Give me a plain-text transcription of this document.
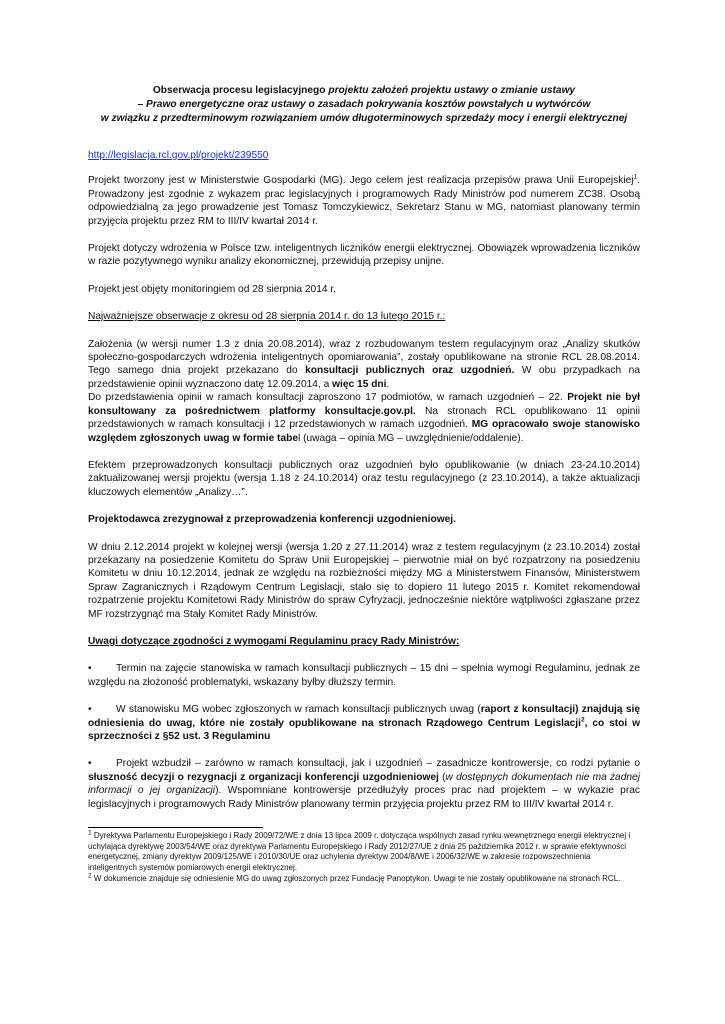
Obserwacja procesu legislacyjnego projektu założeń projektu ustawy o zmianie ustawy
– Prawo energetyczne oraz ustawy o zasadach pokrywania kosztów powstałych u wytwórców
w związku z przedterminowym rozwiązaniem umów długoterminowych sprzedaży mocy i energii elektrycznej
http://legislacja.rcl.gov.pl/projekt/239550

Projekt tworzony jest w Ministerstwie Gospodarki (MG). Jego celem jest realizacja przepisów prawa Unii Europejskiej$^1$. Prowadzony jest zgodnie z wykazem prac legislacyjnych i programowych Rady Ministrów pod numerem ZC38. Osobą odpowiedzialną za jego prowadzenie jest Tomasz Tomczykiewicz, Sekretarz Stanu w MG, natomiast planowany termin przyjęcia projektu przez RM to III/IV kwartał 2014 r.

Projekt dotyczy wdrożenia w Polsce tzw. inteligentnych liczników energii elektrycznej. Obowiązek wprowadzenia liczników w razie pozytywnego wyniku analizy ekonomicznej, przewidują przepisy unijne.

Projekt jest objęty monitoringiem od 28 sierpnia 2014 r.

Najważniejsze obserwacje z okresu od 28 sierpnia 2014 r. do 13 lutego 2015 r.:

Założenia (w wersji numer 1.3 z dnia 20.08.2014), wraz z rozbudowanym testem regulacyjnym oraz „Analizy skutków społeczno-gospodarczych wdrożenia inteligentnych opomiarowania”, zostały opublikowane na stronie RCL 28.08.2014. Tego samego dnia projekt przekazano do konsultacji publicznych oraz uzgodnień. W obu przypadkach na przedstawienie opinii wyznaczono datę 12.09.2014, a więc 15 dni.

Do przedstawienia opinii w ramach konsultacji zaproszono 17 podmiotów, w ramach uzgodnień – 22. Projekt nie był konsultowany za pośrednictwem platformy konsultacje.gov.pl. Na stronach RCL opublikowano 11 opinii przedstawionych w ramach konsultacji i 12 przedstawionych w ramach uzgodnień. MG opracowało swoje stanowisko względem zgłoszonych uwag w formie tabel (uwaga – opinia MG – uwzględnienie/oddalenie).

Efektem przeprowadzonych konsultacji publicznych oraz uzgodnień było opublikowanie (w dniach 23-24.10.2014) zaktualizowanej wersji projektu (wersja 1.18 z 24.10.2014) oraz testu regulacyjnego (z 23.10.2014), a także aktualizacji kluczowych elementów „Analizy…”.

Projektodawca zrezygnował z przeprowadzenia konferencji uzgodnieniowej.

W dniu 2.12.2014 projekt w kolejnej wersji (wersja 1.20 z 27.11.2014) wraz z testem regulacyjnym (z 23.10.2014) został przekazany na posiedzenie Komitetu do Spraw Unii Europejskiej – pierwotnie miał on być rozpatrzony na posiedzeniu Komitetu w dniu 10.12.2014, jednak ze względu na rozbieżności między MG a Ministerstwem Finansów, Ministerstwem Spraw Zagranicznych i Rządowym Centrum Legislacji, stało się to dopiero 11 lutego 2015 r. Komitet rekomendował rozpatrzenie projektu Komitetowi Rady Ministrów do spraw Cyfryzacji, jednocześnie niektóre wątpliwości zgłaszane przez MF rozstrzygnąć ma Stały Komitet Rady Ministrów.

Uwagi dotyczące zgodności z wymogami Regulaminu pracy Rady Ministrów:

• Termin na zajęcie stanowiska w ramach konsultacji publicznych – 15 dni – spełnia wymogi Regulaminu, jednak ze względu na złożoność problematyki, wskazany byłby dłuższy termin.

• W stanowisku MG wobec zgłoszonych w ramach konsultacji publicznych uwag (raport z konsultacji) znajdują się odniesienia do uwag, które nie zostały opublikowane na stronach Rządowego Centrum Legislacji$^2$, co stoi w sprzeczności z §52 ust. 3 Regulaminu

• Projekt wzbudził – zarówno w ramach konsultacji, jak i uzgodnień – zasadnicze kontrowersje, co rodzi pytanie o słuszność decyzji o rezygnacji z organizacji konferencji uzgodnieniowej (w dostępnych dokumentach nie ma żadnej informacji o jej organizacji). Wspomniane kontrowersje przedłużyły proces prac nad projektem – w wykazie prac legislacyjnych i programowych Rady Ministrów planowany termin przyjęcia projektu przez RM to III/IV kwartał 2014 r.

$^1$ Dyrektywa Parlamentu Europejskiego i Rady 2009/72/WE z dnia 13 lipca 2009 r. dotycząca wspólnych zasad rynku wewnętrznego energii elektrycznej i uchylająca dyrektywę 2003/54/WE oraz dyrektywa Parlamentu Europejskiego i Rady 2012/27/UE z dnia 25 października 2012 r. w sprawie efektywności energetycznej, zmiany dyrektyw 2009/125/WE i 2010/30/UE oraz uchylenia dyrektyw 2004/8/WE i 2006/32/WE w zakresie rozpowszechnienia inteligentnych systemów pomiarowych energii elektrycznej.

$^2$ W dokumencie znajduje się odniesienie MG do uwag zgłoszonych przez Fundację Panoptykon. Uwagi te nie zostały opublikowane na stronach RCL.
